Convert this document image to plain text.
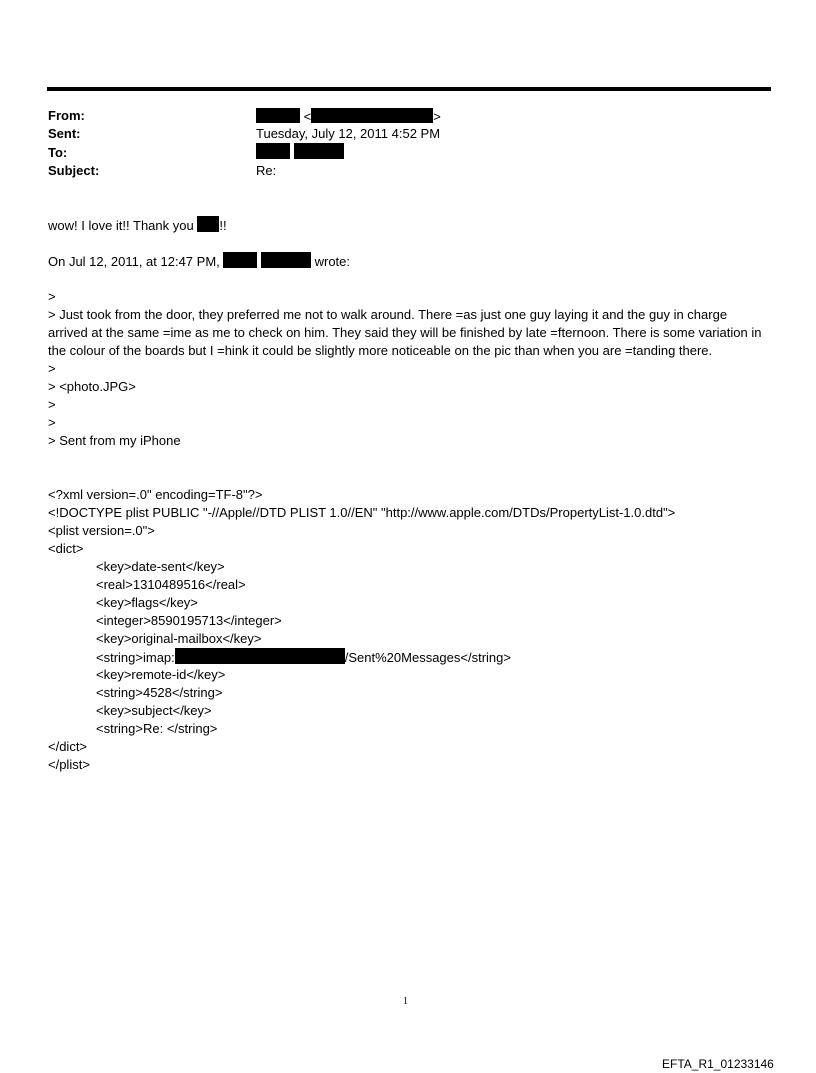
From:	<	>
Sent:	Tuesday, July 12, 2011 4:52 PM
To:

Subject:	Re:
wow! I love it!! Thank you !!
On Jul 12, 2011, at 12:47 PM,	wrote:
>
> Just took from the door, they preferred me not to walk around. There =as just one guy laying it and the guy in charge arrived at the same =ime as me to check on him. They said they will be finished by late =fternoon. There is some variation in the colour of the boards but I =hink it could be slightly more noticeable on the pic than when you are =tanding there.
>
> <photo.JPG>
>
>
> Sent from my iPhone
<?xml version=.0" encoding=TF-8"?>
<!DOCTYPE plist PUBLIC "-//Apple//DTD PLIST 1.0//EN" "http://www.apple.com/DTDs/PropertyList-1.0.dtd">
<plist version=.0">
<dict>
<key>date-sent</key>
<real>1310489516</real>
<key>flags</key>
<integer>8590195713</integer>
<key>original-mailbox</key>
<string>imap:	/Sent%20Messages</string>
<key>remote-id</key>
<string>4528</string>
<key>subject</key>
<string>Re: </string>
</dict>
</plist>
1
EFTA_R1_01233146
